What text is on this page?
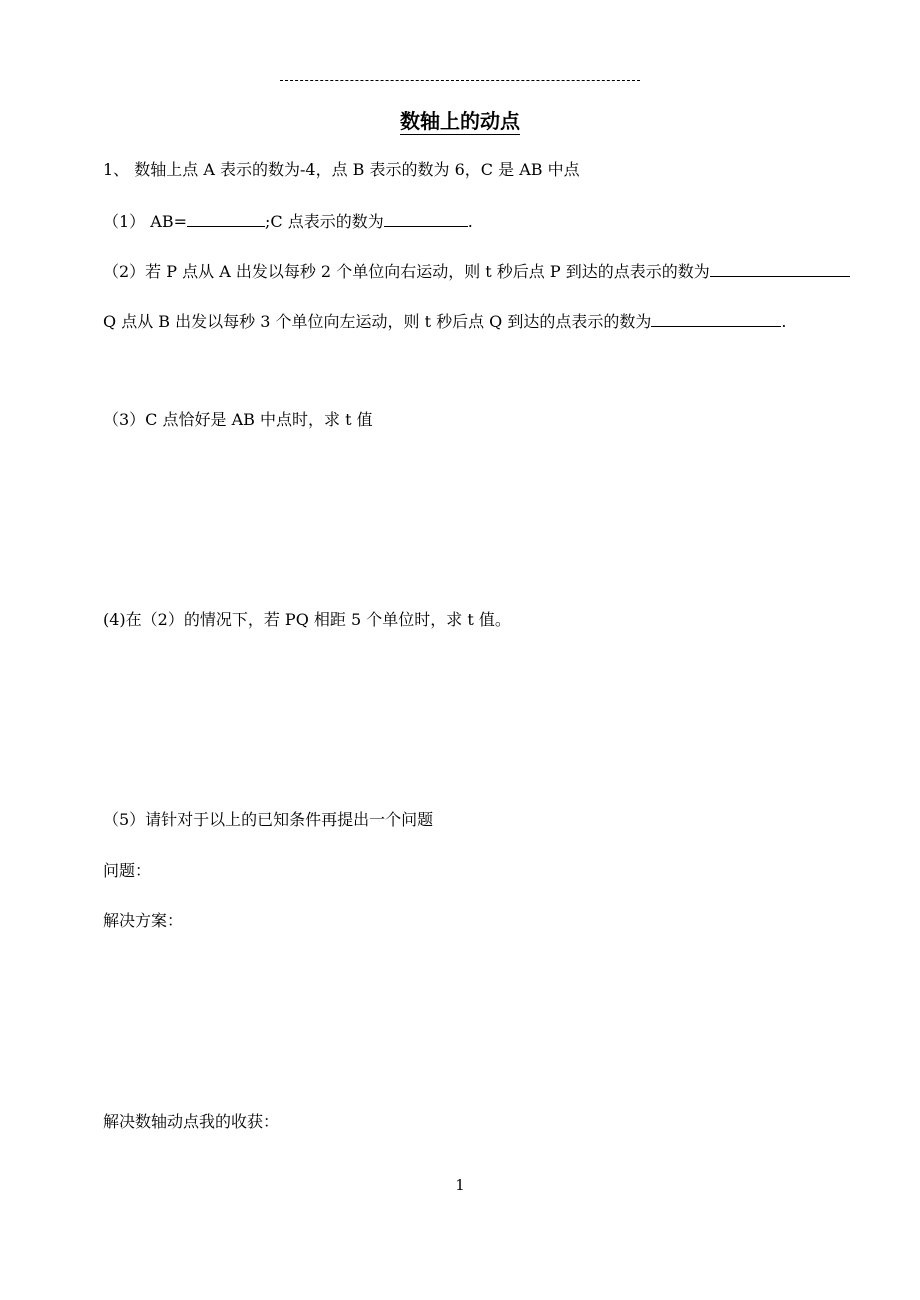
数轴上的动点
1、 数轴上点 A 表示的数为-4，点 B 表示的数为 6，C 是 AB 中点
（1） AB=	;C 点表示的数为	.
（2）若 P 点从 A 出发以每秒 2 个单位向右运动，则 t 秒后点 P 到达的点表示的数为
Q 点从 B 出发以每秒 3 个单位向左运动，则 t 秒后点 Q 到达的点表示的数为	.
（3）C 点恰好是 AB 中点时，求 t 值
(4)在（2）的情况下，若 PQ 相距 5 个单位时，求 t 值。
（5）请针对于以上的已知条件再提出一个问题
问题：
解决方案：
解决数轴动点我的收获：
1
